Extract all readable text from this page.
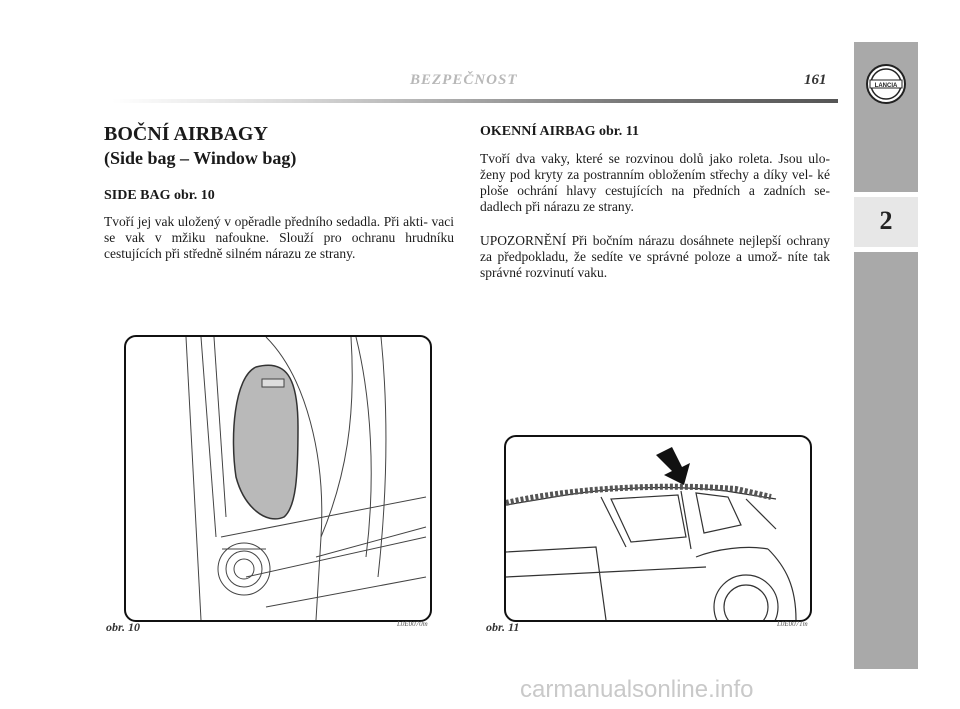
BEZPEČNOST	161	LANCIA
2
BOČNÍ AIRBAGY
(Side bag – Window bag)
SIDE BAG obr. 10
Tvoří jej vak uložený v opěradle předního sedadla. Při akti- vaci se vak v mžiku nafoukne. Slouží pro ochranu hrudníku cestujících při středně silném nárazu ze strany.
OKENNÍ AIRBAG obr. 11
Tvoří dva vaky, které se rozvinou dolů jako roleta. Jsou ulo- ženy pod kryty za postranním obložením střechy a díky vel- ké ploše ochrání hlavy cestujících na předních a zadních se- dadlech při nárazu ze strany.
UPOZORNĚNÍ Při bočním nárazu dosáhnete nejlepší ochrany za předpokladu, že sedíte ve správné poloze a umož- níte tak správné rozvinutí vaku.
obr. 10	L0E0070m	obr. 11	L0E0071m
carmanualsonline.info
